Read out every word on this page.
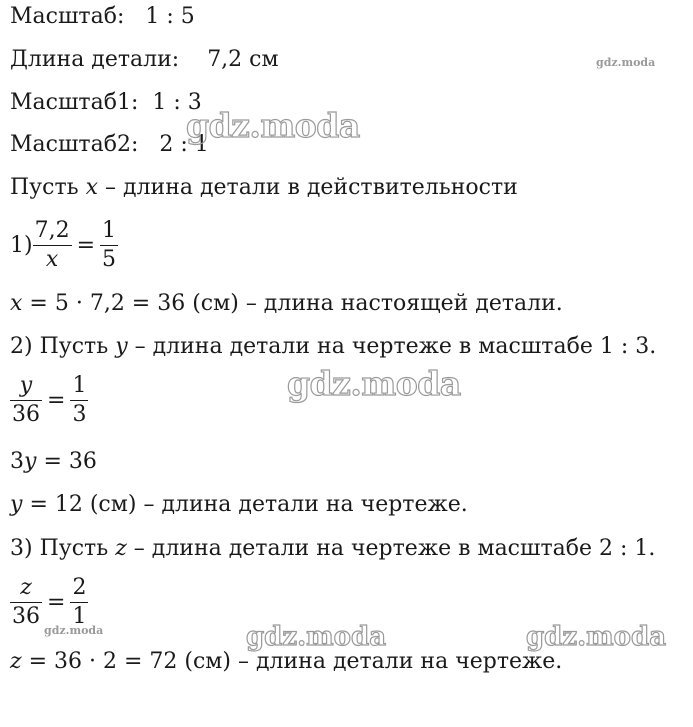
Масштаб: 1 : 5
Длина детали: 7,2 см
Масштаб1: 1 : 3
Масштаб2: 2 : 1
Пусть x – длина детали в действительности
$1) \frac{7,2}{x} = \frac{1}{5}$
x = 5 · 7,2 = 36 (см) – длина настоящей детали.
2) Пусть y – длина детали на чертеже в масштабе 1 : 3.
$\frac{y}{36} = \frac{1}{3}$
3y = 36
y = 12 (см) – длина детали на чертеже.
3) Пусть z – длина детали на чертеже в масштабе 2 : 1.
$\frac{z}{36} = \frac{2}{1}$
z = 36 · 2 = 72 (см) – длина детали на чертеже.
gdz.moda
gdz.moda
gdz.moda
gdz.moda	gdz.moda	gdz.moda
